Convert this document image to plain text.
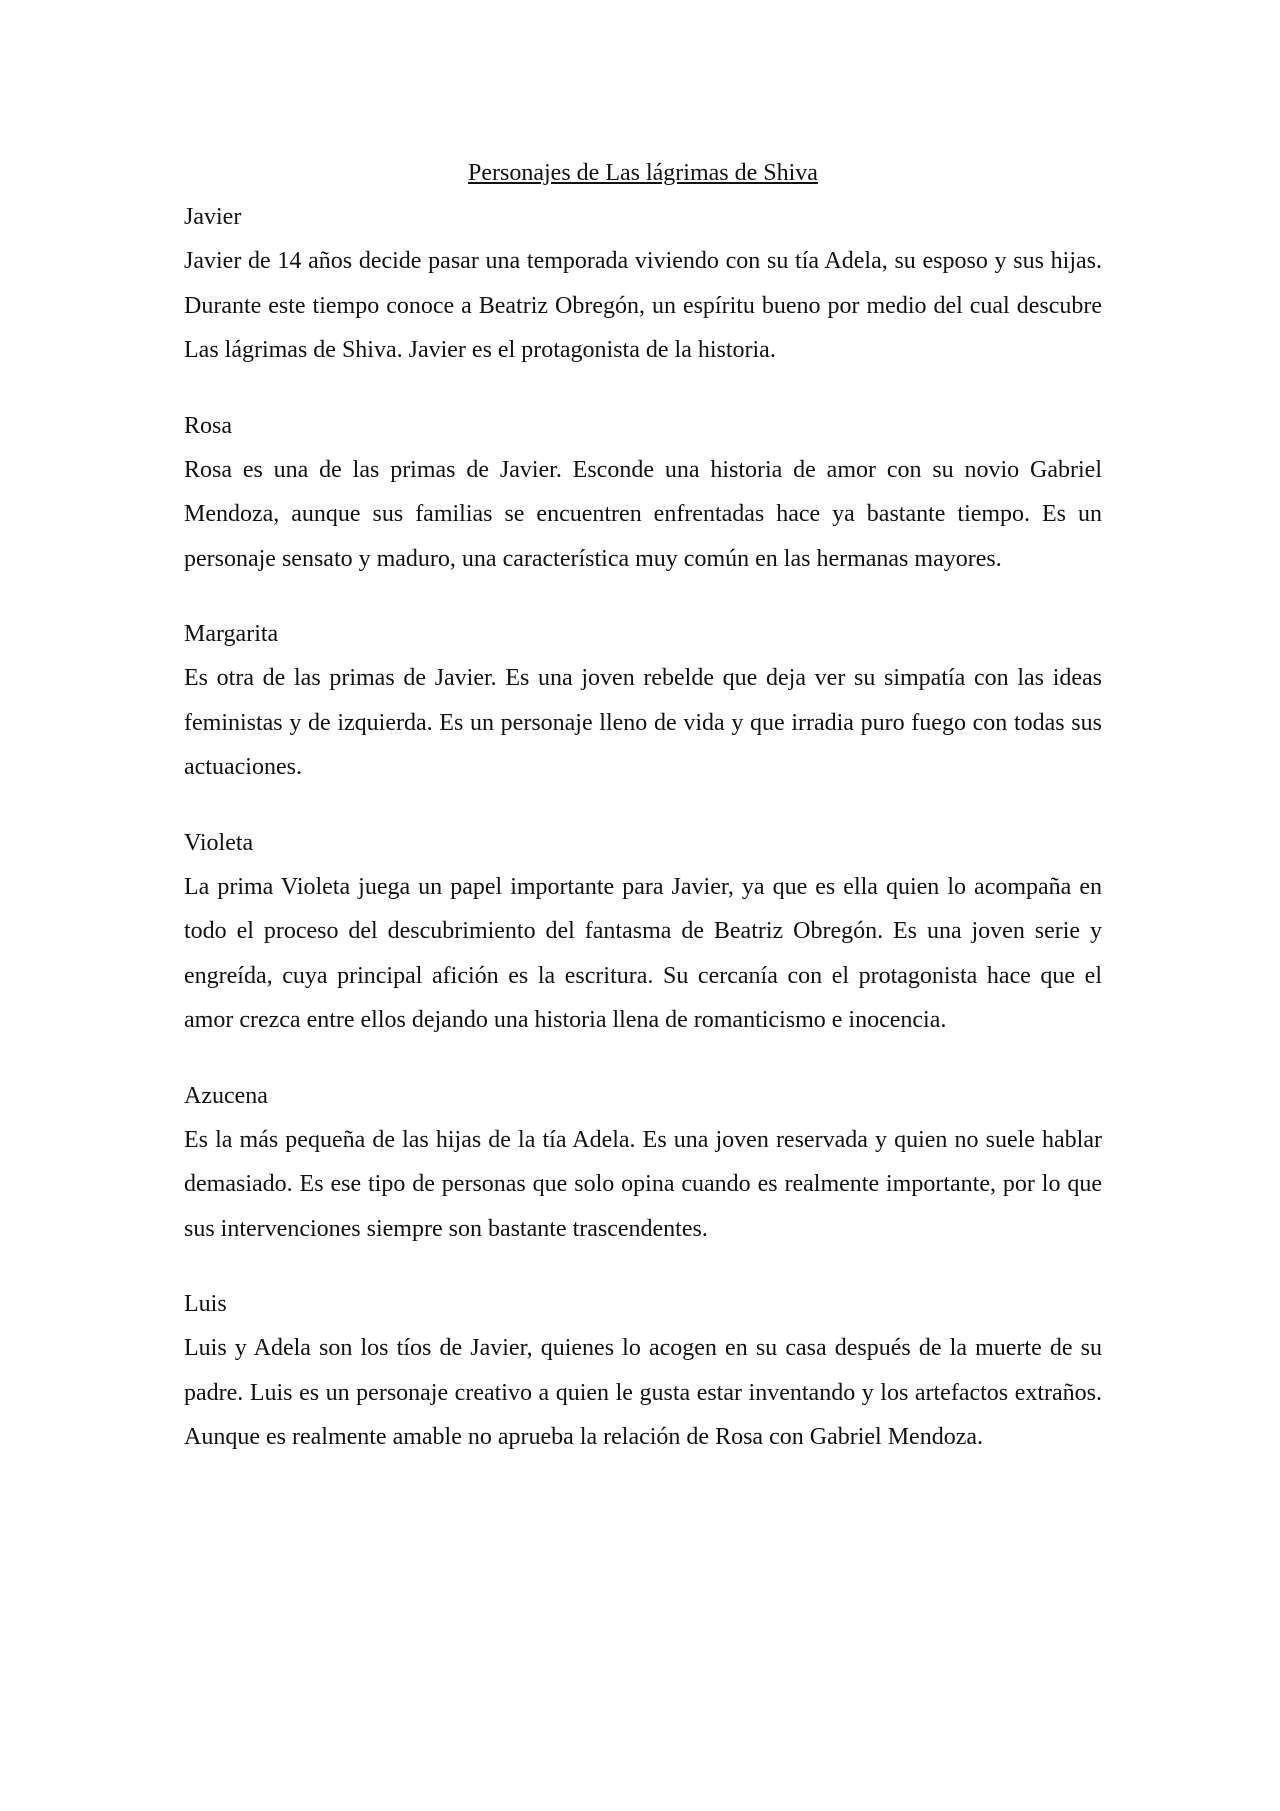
Personajes de Las lágrimas de Shiva

Javier

Javier de 14 años decide pasar una temporada viviendo con su tía Adela, su esposo y sus hijas. Durante este tiempo conoce a Beatriz Obregón, un espíritu bueno por medio del cual descubre Las lágrimas de Shiva. Javier es el protagonista de la historia.

Rosa

Rosa es una de las primas de Javier. Esconde una historia de amor con su novio Gabriel Mendoza, aunque sus familias se encuentren enfrentadas hace ya bastante tiempo. Es un personaje sensato y maduro, una característica muy común en las hermanas mayores.

Margarita

Es otra de las primas de Javier. Es una joven rebelde que deja ver su simpatía con las ideas feministas y de izquierda. Es un personaje lleno de vida y que irradia puro fuego con todas sus actuaciones.

Violeta

La prima Violeta juega un papel importante para Javier, ya que es ella quien lo acompaña en todo el proceso del descubrimiento del fantasma de Beatriz Obregón. Es una joven serie y engreída, cuya principal afición es la escritura. Su cercanía con el protagonista hace que el amor crezca entre ellos dejando una historia llena de romanticismo e inocencia.

Azucena

Es la más pequeña de las hijas de la tía Adela. Es una joven reservada y quien no suele hablar demasiado. Es ese tipo de personas que solo opina cuando es realmente importante, por lo que sus intervenciones siempre son bastante trascendentes.

Luis

Luis y Adela son los tíos de Javier, quienes lo acogen en su casa después de la muerte de su padre. Luis es un personaje creativo a quien le gusta estar inventando y los artefactos extraños. Aunque es realmente amable no aprueba la relación de Rosa con Gabriel Mendoza.
